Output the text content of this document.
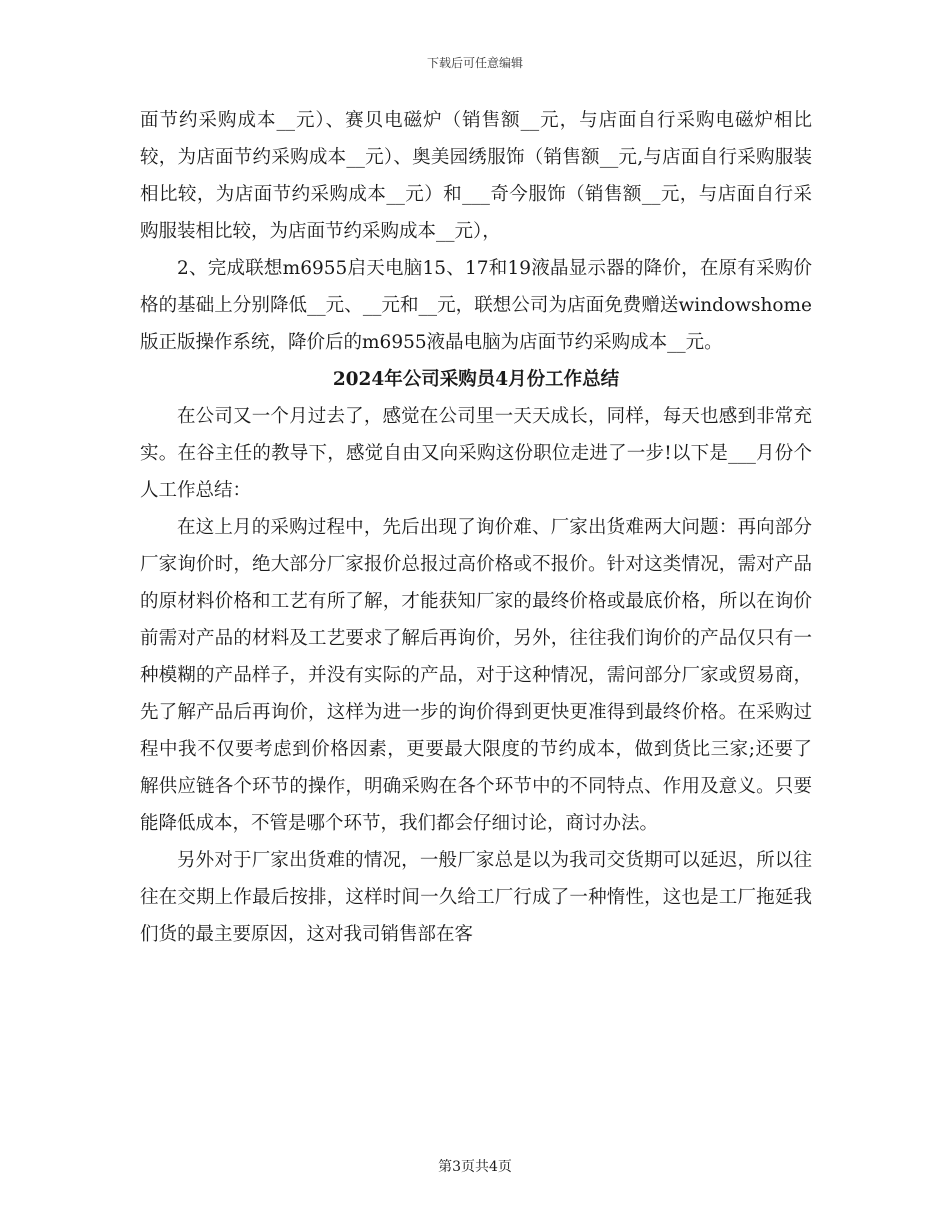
下载后可任意编辑

面节约采购成本__元）、赛贝电磁炉（销售额__元，与店面自行采购电磁炉相比较，为店面节约采购成本__元）、奥美园绣服饰（销售额__元,与店面自行采购服装相比较，为店面节约采购成本__元）和___奇今服饰（销售额__元，与店面自行采购服装相比较，为店面节约采购成本__元），

2、完成联想m6955启天电脑15、17和19液晶显示器的降价，在原有采购价格的基础上分别降低__元、__元和__元，联想公司为店面免费赠送windowshome版正版操作系统，降价后的m6955液晶电脑为店面节约采购成本__元。

2024年公司采购员4月份工作总结

在公司又一个月过去了，感觉在公司里一天天成长，同样，每天也感到非常充实。在谷主任的教导下，感觉自由又向采购这份职位走进了一步!以下是___月份个人工作总结：

在这上月的采购过程中，先后出现了询价难、厂家出货难两大问题：再向部分厂家询价时，绝大部分厂家报价总报过高价格或不报价。针对这类情况，需对产品的原材料价格和工艺有所了解，才能获知厂家的最终价格或最底价格，所以在询价前需对产品的材料及工艺要求了解后再询价，另外，往往我们询价的产品仅只有一种模糊的产品样子，并没有实际的产品，对于这种情况，需问部分厂家或贸易商，先了解产品后再询价，这样为进一步的询价得到更快更准得到最终价格。在采购过程中我不仅要考虑到价格因素，更要最大限度的节约成本，做到货比三家;还要了解供应链各个环节的操作，明确采购在各个环节中的不同特点、作用及意义。只要能降低成本，不管是哪个环节，我们都会仔细讨论，商讨办法。

另外对于厂家出货难的情况，一般厂家总是以为我司交货期可以延迟，所以往往在交期上作最后按排，这样时间一久给工厂行成了一种惰性，这也是工厂拖延我们货的最主要原因，这对我司销售部在客

第3页共4页
